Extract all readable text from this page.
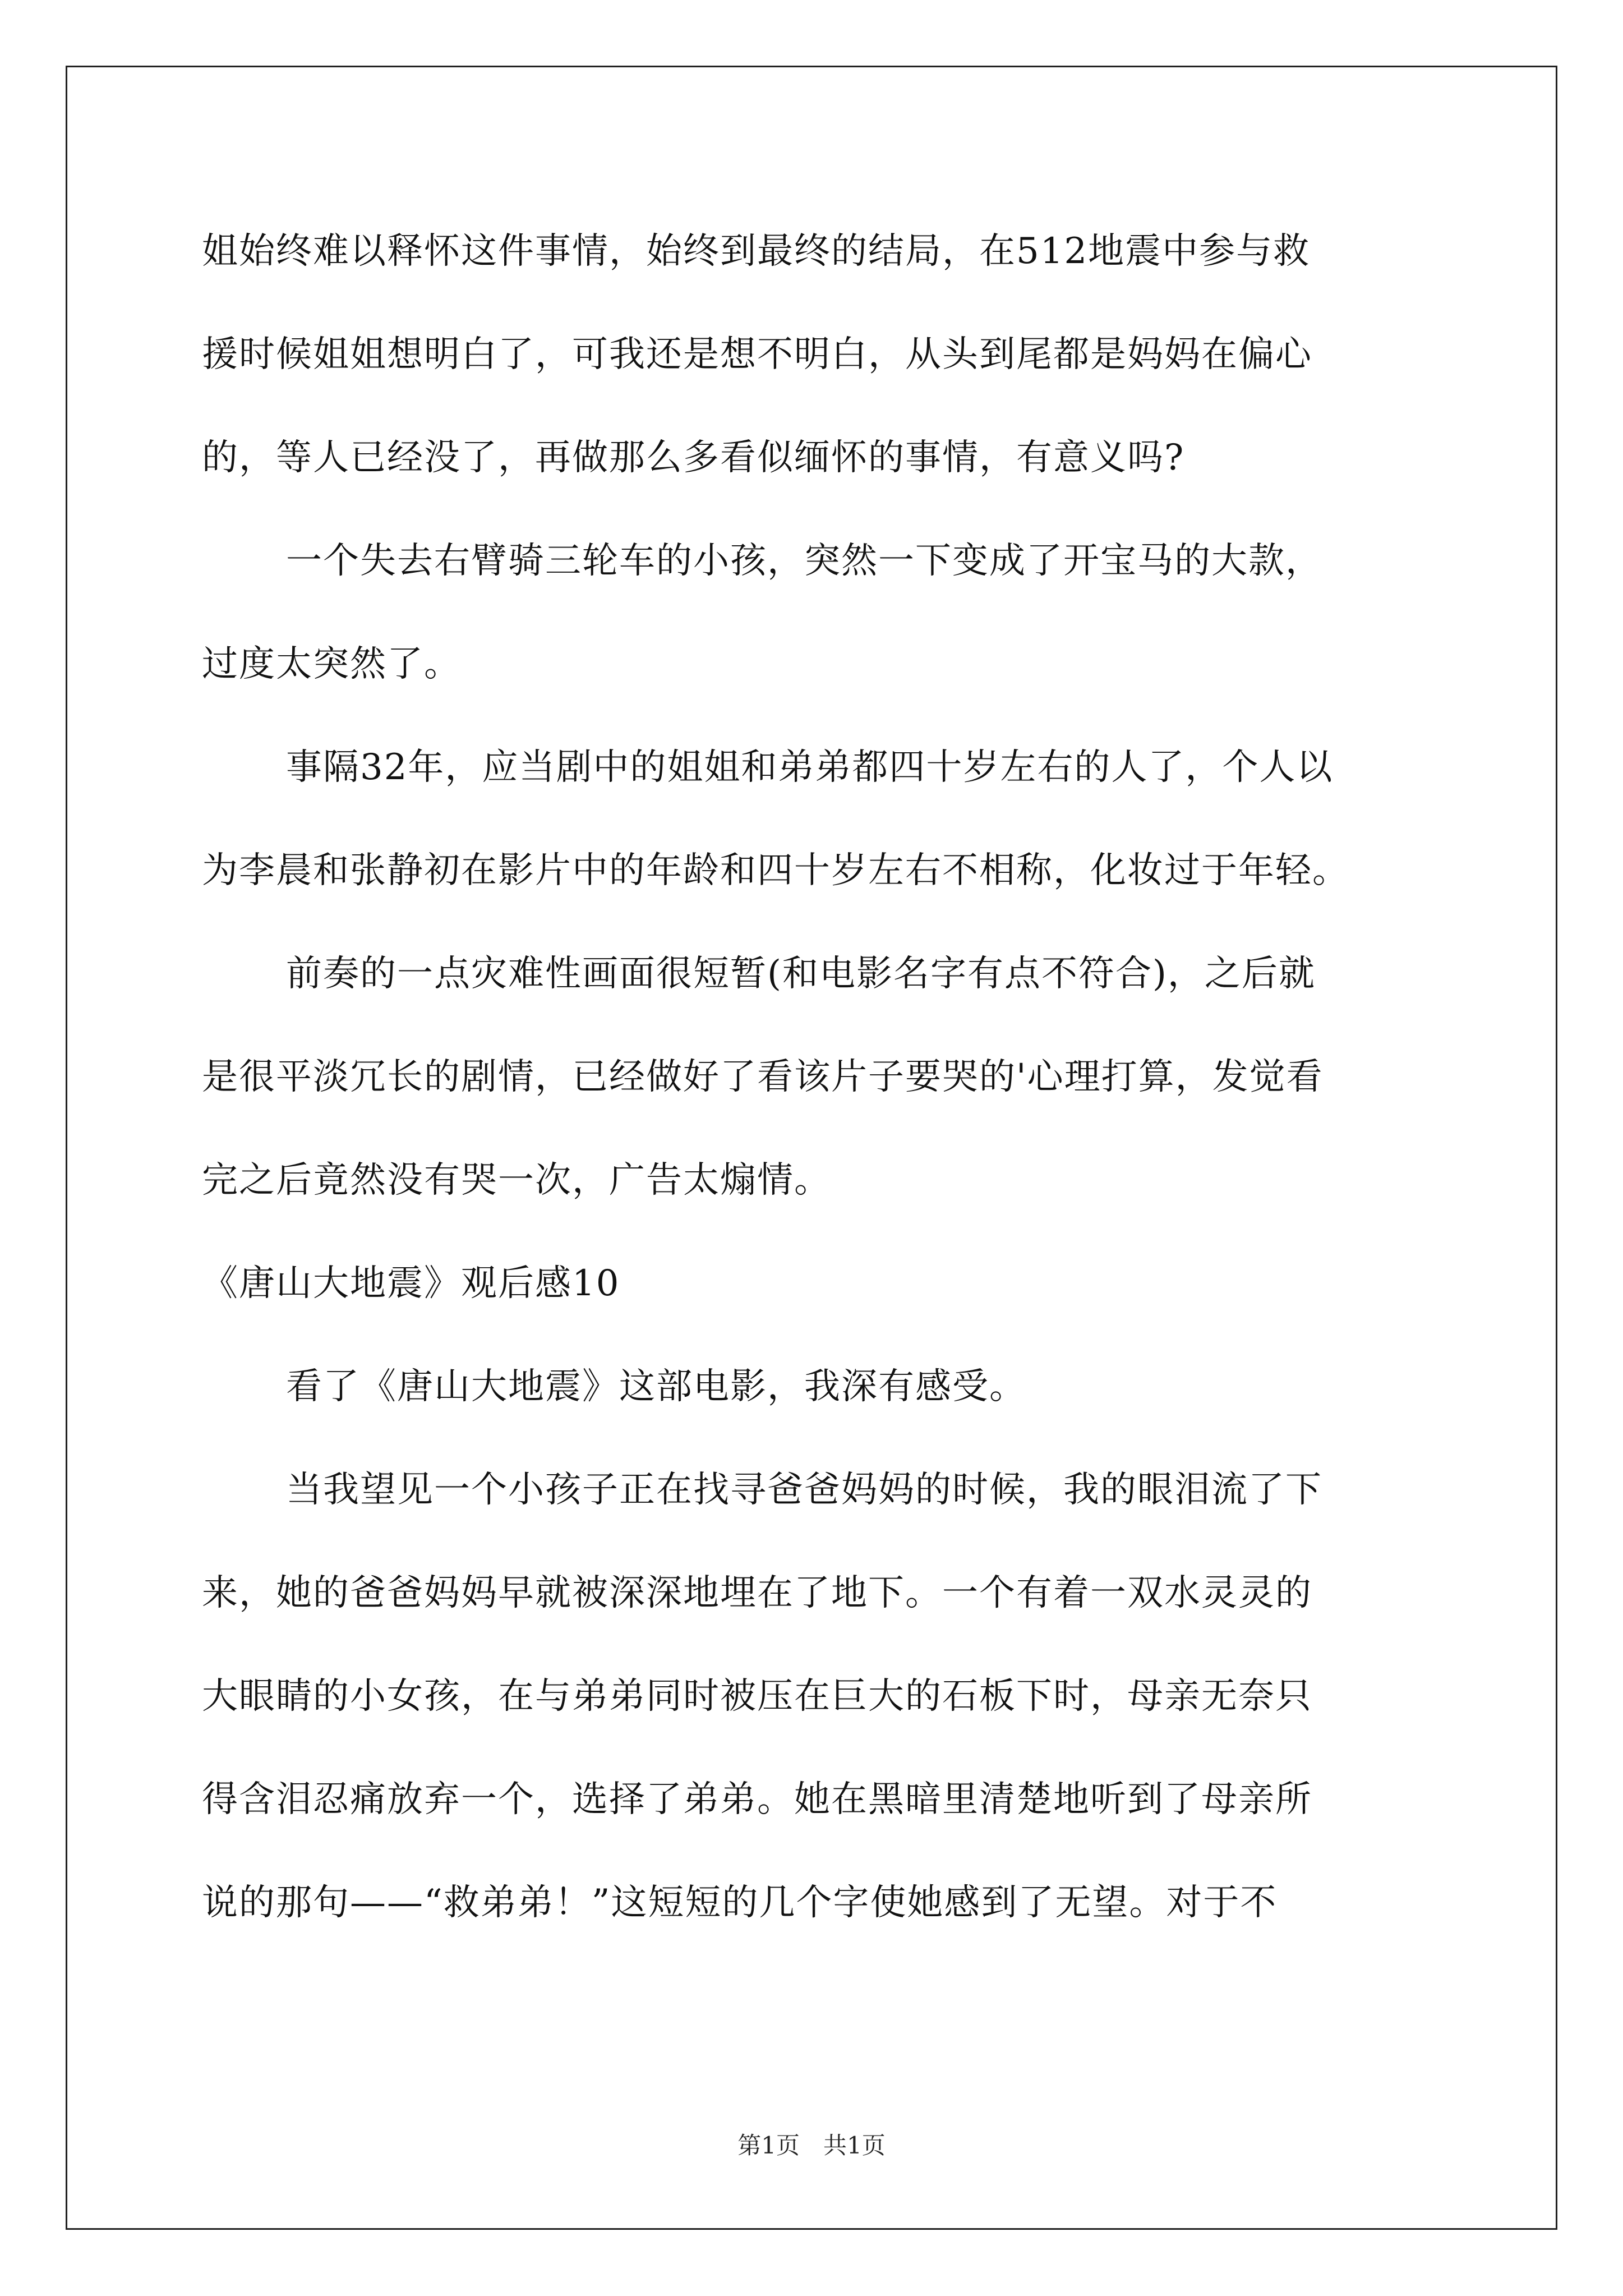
姐始终难以释怀这件事情，始终到最终的结局，在512地震中参与救
援时候姐姐想明白了，可我还是想不明白，从头到尾都是妈妈在偏心
的，等人已经没了，再做那么多看似缅怀的事情，有意义吗?
一个失去右臂骑三轮车的小孩，突然一下变成了开宝马的大款，
过度太突然了。
事隔32年，应当剧中的姐姐和弟弟都四十岁左右的人了，个人以
为李晨和张静初在影片中的年龄和四十岁左右不相称，化妆过于年轻。
前奏的一点灾难性画面很短暂(和电影名字有点不符合)，之后就
是很平淡冗长的剧情，已经做好了看该片子要哭的'心理打算，发觉看
完之后竟然没有哭一次，广告太煽情。
《唐山大地震》观后感10
看了《唐山大地震》这部电影，我深有感受。
当我望见一个小孩子正在找寻爸爸妈妈的时候，我的眼泪流了下
来，她的爸爸妈妈早就被深深地埋在了地下。一个有着一双水灵灵的
大眼睛的小女孩，在与弟弟同时被压在巨大的石板下时，母亲无奈只
得含泪忍痛放弃一个，选择了弟弟。她在黑暗里清楚地听到了母亲所
说的那句——“救弟弟！”这短短的几个字使她感到了无望。对于不
第1页　共1页
